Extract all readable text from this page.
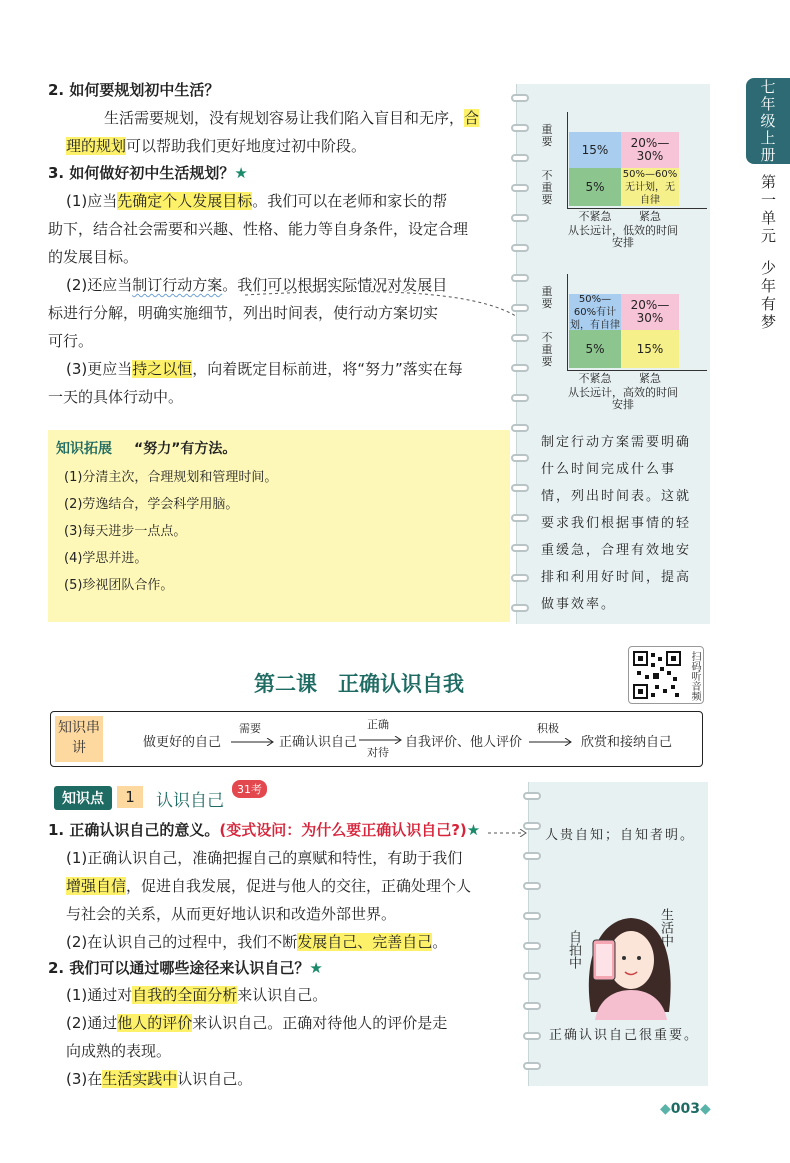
七年级上册
第一单元
少年有梦
2. 如何要规划初中生活？
生活需要规划，没有规划容易让我们陷入盲目和无序，合
理的规划可以帮助我们更好地度过初中阶段。
3. 如何做好初中生活规划？★
(1)应当先确定个人发展目标。我们可以在老师和家长的帮
助下，结合社会需要和兴趣、性格、能力等自身条件，设定合理
的发展目标。
(2)还应当制订行动方案。我们可以根据实际情况对发展目
标进行分解，明确实施细节，列出时间表，使行动方案切实
可行。
(3)更应当持之以恒，向着既定目标前进，将“努力”落实在每
一天的具体行动中。
重要
不重要
15%	20%—30%
5%
50%—60%无计划，无自律
不紧急	紧急
从长远计，低效的时间安排
重要
不重要
50%—60%有计划，有自律
20%—30%
5%	15%
不紧急	紧急
从长远计，高效的时间安排
制定行动方案需要明确
什么时间完成什么事
情，列出时间表。这就
要求我们根据事情的轻
重缓急，合理有效地安
排和利用好时间，提高
做事效率。
知识拓展 “努力”有方法。
(1)分清主次，合理规划和管理时间。
(2)劳逸结合，学会科学用脑。
(3)每天进步一点点。
(4)学思并进。
(5)珍视团队合作。
扫码听音频
第二课　正确认识自我
知识串讲	做更好的自己
需要
正确认识自己
正确
对待
自我评价、他人评价
积极
欣赏和接纳自己
知识点	1	认识自己
31考
1. 正确认识自己的意义。(变式设问：为什么要正确认识自己?)★
(1)正确认识自己，准确把握自己的禀赋和特性，有助于我们
增强自信，促进自我发展，促进与他人的交往，正确处理个人
与社会的关系，从而更好地认识和改造外部世界。
(2)在认识自己的过程中，我们不断发展自己、完善自己。
2. 我们可以通过哪些途径来认识自己？★
(1)通过对自我的全面分析来认识自己。
(2)通过他人的评价来认识自己。正确对待他人的评价是走
向成熟的表现。
(3)在生活实践中认识自己。
人贵自知；自知者明。
自拍中
生活中
正确认识自己很重要。
◆003◆
